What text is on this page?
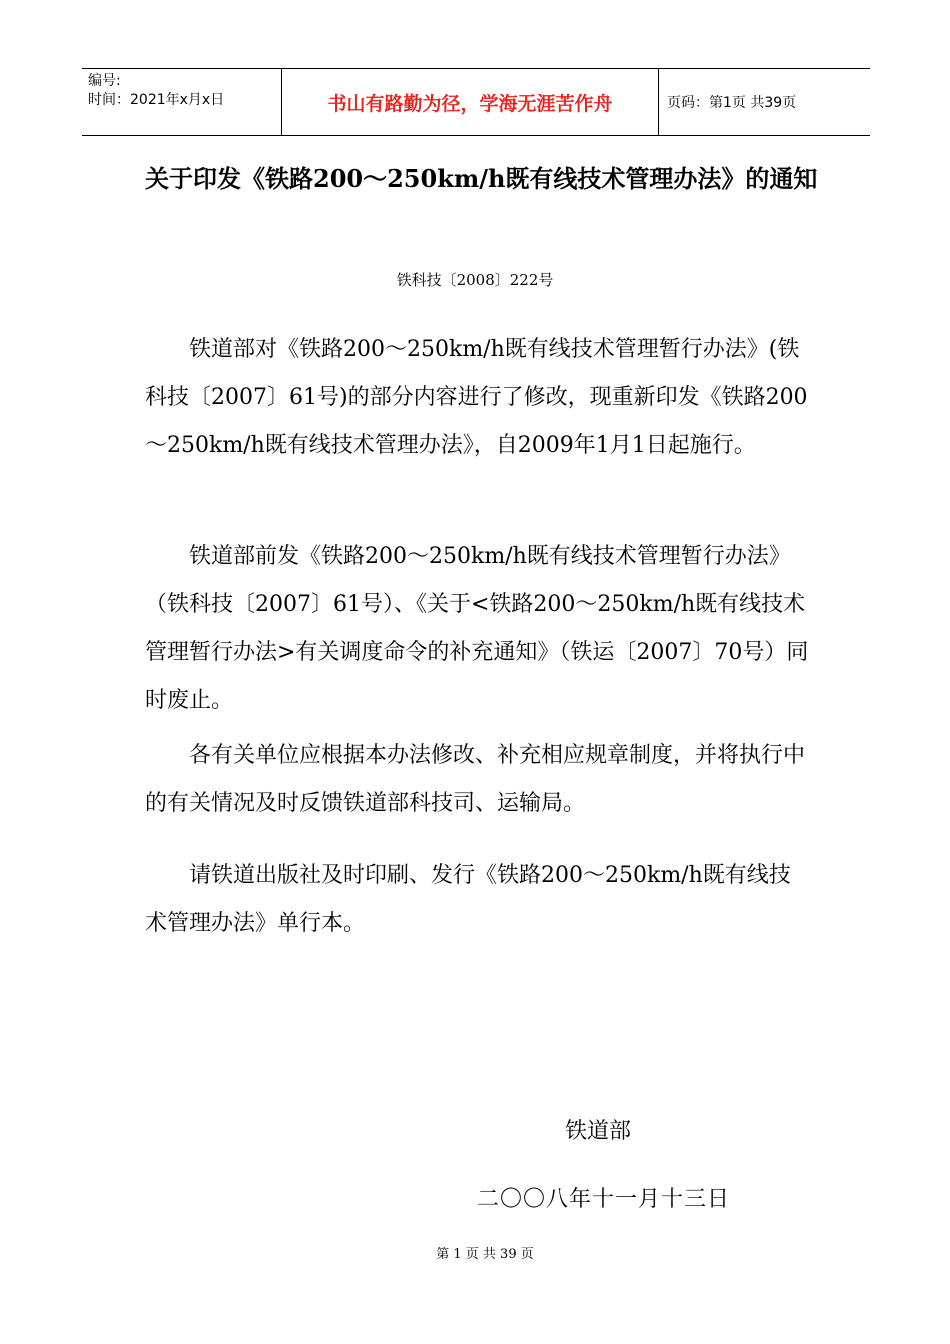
编号:
时间：2021年x月x日	书山有路勤为径，学海无涯苦作舟	页码：第1页 共39页
关于印发《铁路200～250km/h既有线技术管理办法》的通知
铁科技〔2008〕222号

铁道部对《铁路200～250km/h既有线技术管理暂行办法》(铁科技〔2007〕61号)的部分内容进行了修改，现重新印发《铁路200～250km/h既有线技术管理办法》，自2009年1月1日起施行。

铁道部前发《铁路200～250km/h既有线技术管理暂行办法》（铁科技〔2007〕61号）、《关于<铁路200～250km/h既有线技术管理暂行办法>有关调度命令的补充通知》（铁运〔2007〕70号）同时废止。

各有关单位应根据本办法修改、补充相应规章制度，并将执行中的有关情况及时反馈铁道部科技司、运输局。

请铁道出版社及时印刷、发行《铁路200～250km/h既有线技术管理办法》单行本。

铁道部
二〇〇八年十一月十三日
第 1 页 共 39 页
